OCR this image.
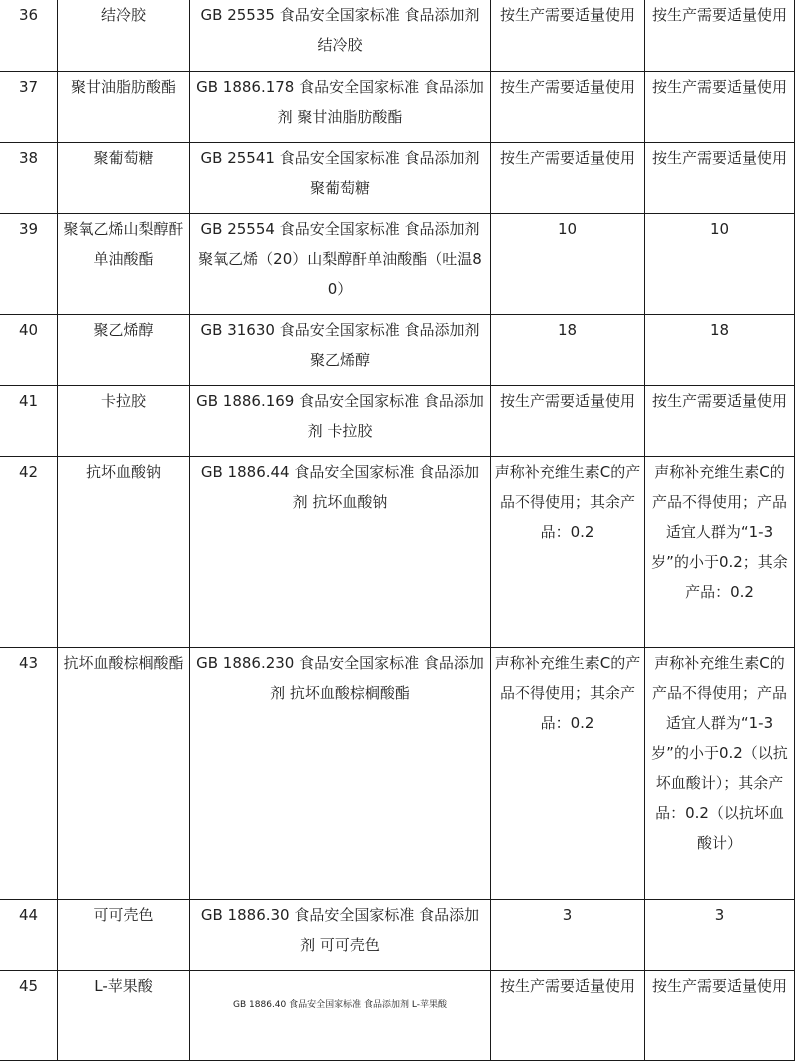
36	结冷胶	GB 25535 食品安全国家标准 食品添加剂 结冷胶	按生产需要适量使用	按生产需要适量使用
37	聚甘油脂肪酸酯	GB 1886.178 食品安全国家标准 食品添加剂 聚甘油脂肪酸酯	按生产需要适量使用	按生产需要适量使用
38	聚葡萄糖	GB 25541 食品安全国家标准 食品添加剂 聚葡萄糖	按生产需要适量使用	按生产需要适量使用
39	聚氧乙烯山梨醇酐单油酸酯	GB 25554 食品安全国家标准 食品添加剂 聚氧乙烯（20）山梨醇酐单油酸酯（吐温80）	10	10
40	聚乙烯醇	GB 31630 食品安全国家标准 食品添加剂 聚乙烯醇	18	18
41	卡拉胶	GB 1886.169 食品安全国家标准 食品添加剂 卡拉胶	按生产需要适量使用	按生产需要适量使用
42	抗坏血酸钠	GB 1886.44 食品安全国家标准 食品添加剂 抗坏血酸钠	声称补充维生素C的产品不得使用；其余产品：0.2	声称补充维生素C的产品不得使用；产品适宜人群为“1-3岁”的小于0.2；其余产品：0.2
43	抗坏血酸棕榈酸酯	GB 1886.230 食品安全国家标准 食品添加剂 抗坏血酸棕榈酸酯	声称补充维生素C的产品不得使用；其余产品：0.2	声称补充维生素C的产品不得使用；产品适宜人群为“1-3岁”的小于0.2（以抗坏血酸计）；其余产品：0.2（以抗坏血酸计）
44	可可壳色	GB 1886.30 食品安全国家标准 食品添加剂 可可壳色	3	3
45	L-苹果酸	GB 1886.40 食品安全国家标准 食品添加剂 L-苹果酸	按生产需要适量使用	按生产需要适量使用
